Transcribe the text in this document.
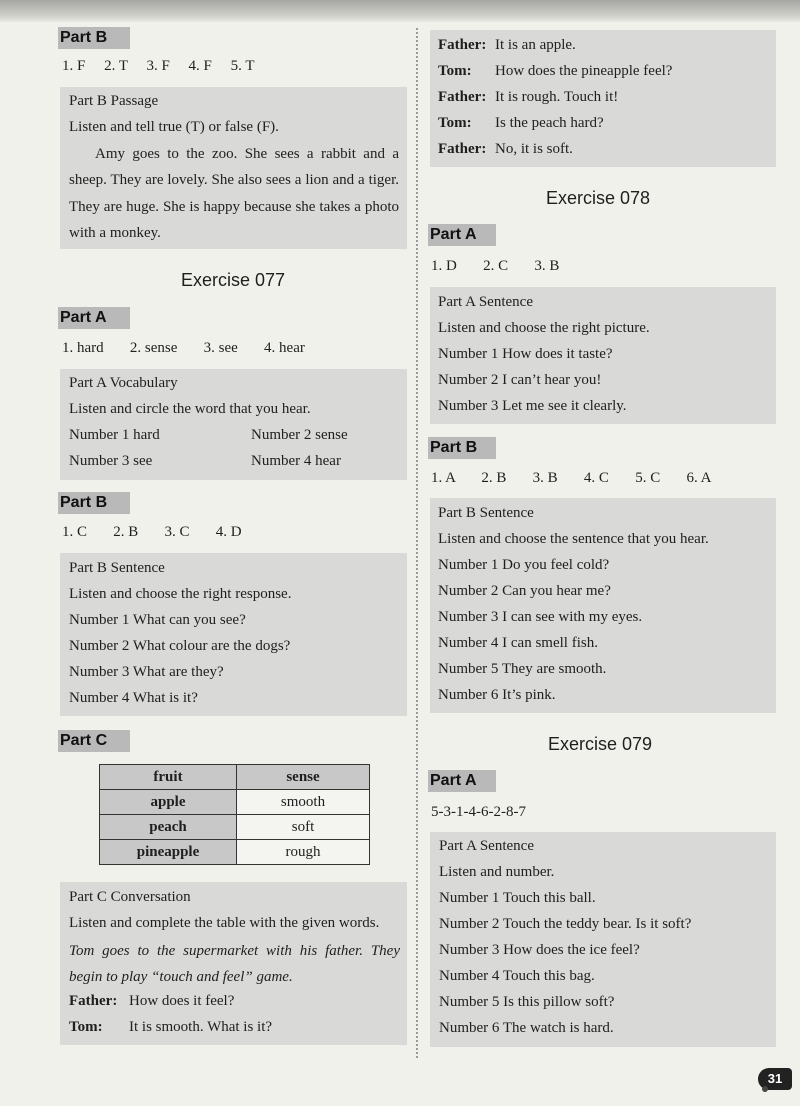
Part B
1. F     2. T     3. F     4. F     5. T
Part B Passage
Listen and tell true (T) or false (F).
Amy goes to the zoo. She sees a rabbit and a sheep. They are lovely. She also sees a lion and a tiger. They are huge. She is happy because she takes a photo with a monkey.
Exercise 077
Part A
1. hard       2. sense       3. see       4. hear
Part A Vocabulary
Listen and circle the word that you hear.
Number 1 hard	Number 2 sense
Number 3 see	Number 4 hear
Part B
1. C       2. B       3. C       4. D
Part B Sentence
Listen and choose the right response.
Number 1 What can you see?
Number 2 What colour are the dogs?
Number 3 What are they?
Number 4 What is it?
Part C
fruit	sense
apple	smooth
peach	soft
pineapple	rough
Part C Conversation
Listen and complete the table with the given words.
Tom goes to the supermarket with his father. They begin to play “touch and feel” game.
Father: How does it feel?
Tom: It is smooth. What is it?
Father: It is an apple.
Tom: How does the pineapple feel?
Father: It is rough. Touch it!
Tom: Is the peach hard?
Father: No, it is soft.
Exercise 078
Part A
1. D       2. C       3. B
Part A Sentence
Listen and choose the right picture.
Number 1 How does it taste?
Number 2 I can’t hear you!
Number 3 Let me see it clearly.
Part B
1. A       2. B       3. B       4. C       5. C       6. A
Part B Sentence
Listen and choose the sentence that you hear.
Number 1 Do you feel cold?
Number 2 Can you hear me?
Number 3 I can see with my eyes.
Number 4 I can smell fish.
Number 5 They are smooth.
Number 6 It’s pink.
Exercise 079
Part A
5-3-1-4-6-2-8-7
Part A Sentence
Listen and number.
Number 1 Touch this ball.
Number 2 Touch the teddy bear. Is it soft?
Number 3 How does the ice feel?
Number 4 Touch this bag.
Number 5 Is this pillow soft?
Number 6 The watch is hard.
31
